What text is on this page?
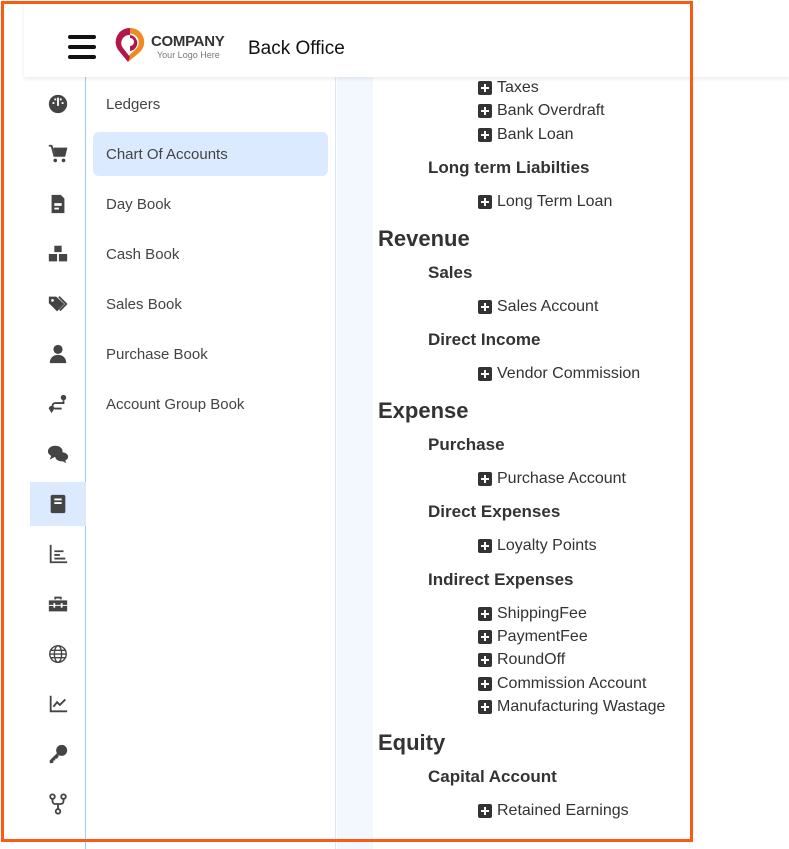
COMPANY
Your Logo Here Back Office
Ledgers
Chart Of Accounts
Day Book
Cash Book
Sales Book
Purchase Book
Account Group Book
Taxes
Bank Overdraft
Bank Loan
Long term Liabilties
Long Term Loan
Revenue
Sales
Sales Account
Direct Income
Vendor Commission
Expense
Purchase
Purchase Account
Direct Expenses
Loyalty Points
Indirect Expenses
ShippingFee
PaymentFee
RoundOff
Commission Account
Manufacturing Wastage
Equity
Capital Account
Retained Earnings
